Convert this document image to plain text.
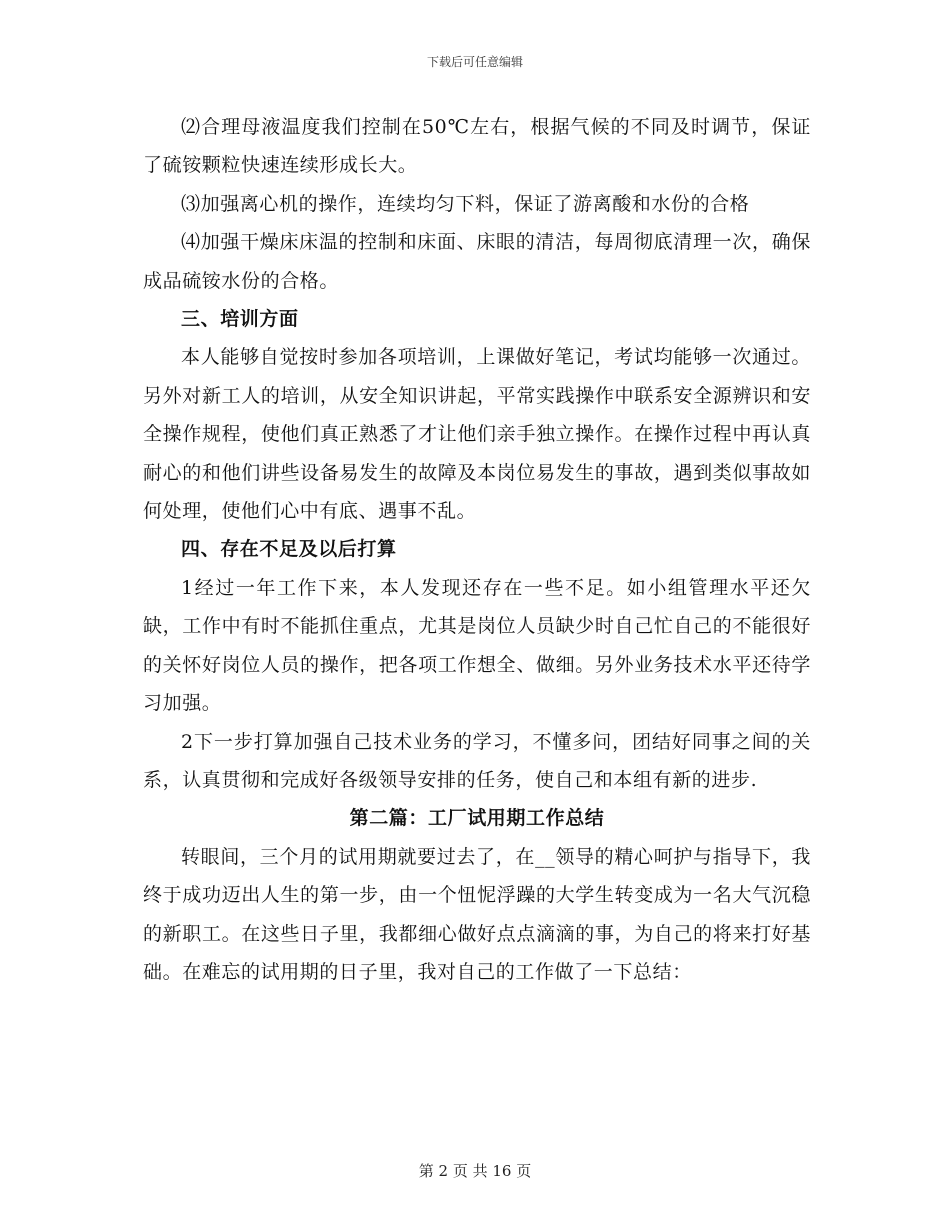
下载后可任意编辑

⑵合理母液温度我们控制在50℃左右，根据气候的不同及时调节，保证了硫铵颗粒快速连续形成长大。

⑶加强离心机的操作，连续均匀下料，保证了游离酸和水份的合格

⑷加强干燥床床温的控制和床面、床眼的清洁，每周彻底清理一次，确保成品硫铵水份的合格。

三、培训方面

本人能够自觉按时参加各项培训，上课做好笔记，考试均能够一次通过。另外对新工人的培训，从安全知识讲起，平常实践操作中联系安全源辨识和安全操作规程，使他们真正熟悉了才让他们亲手独立操作。在操作过程中再认真耐心的和他们讲些设备易发生的故障及本岗位易发生的事故，遇到类似事故如何处理，使他们心中有底、遇事不乱。

四、存在不足及以后打算

1经过一年工作下来，本人发现还存在一些不足。如小组管理水平还欠缺，工作中有时不能抓住重点，尤其是岗位人员缺少时自己忙自己的不能很好的关怀好岗位人员的操作，把各项工作想全、做细。另外业务技术水平还待学习加强。

2下一步打算加强自己技术业务的学习，不懂多问，团结好同事之间的关系，认真贯彻和完成好各级领导安排的任务，使自己和本组有新的进步.

第二篇：工厂试用期工作总结

转眼间，三个月的试用期就要过去了，在__领导的精心呵护与指导下，我终于成功迈出人生的第一步，由一个忸怩浮躁的大学生转变成为一名大气沉稳的新职工。在这些日子里，我都细心做好点点滴滴的事，为自己的将来打好基础。在难忘的试用期的日子里，我对自己的工作做了一下总结：

第 2 页 共 16 页
